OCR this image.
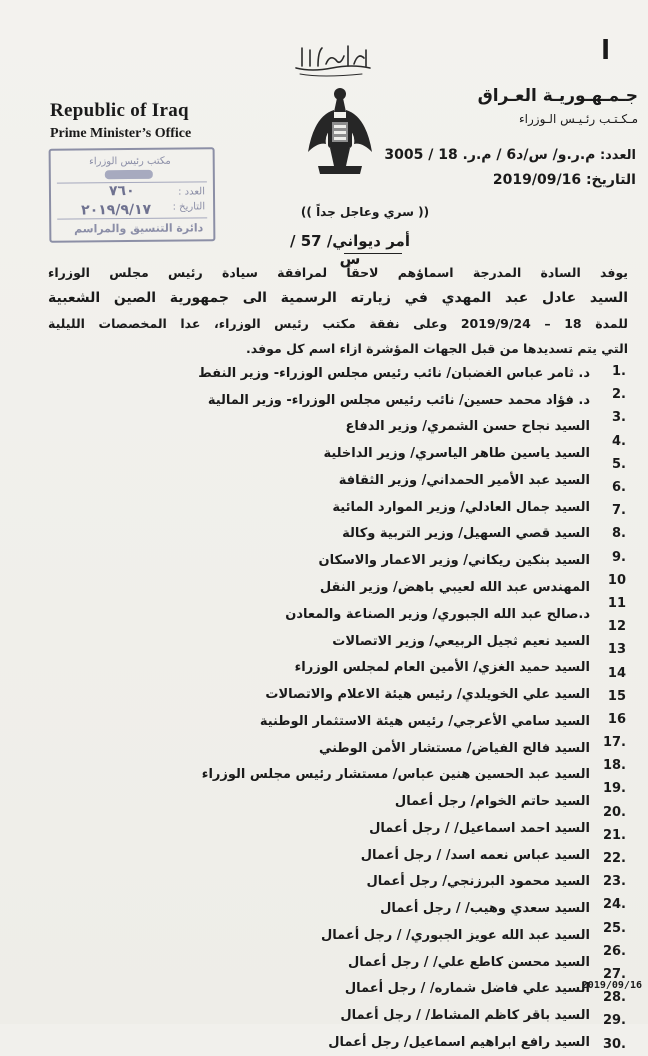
Republic of Iraq
Prime Minister’s Office
مكتب رئيس الوزراء
العدد :
٧٦٠
التاريخ :
٢٠١٩/٩/١٧
دائرة التنسيق والمراسم
ا
جـمـهـوريـة العـراق
مـكـتـب رئـيـس الـوزراء
العدد: م.ر.و/ س/د6 / م.ر. 18 / 3005
التاريخ: 2019/09/16
(( سري وعاجل جداً ))
أمر ديواني/ 57 / س
يوفد السادة المدرجة اسماؤهم لاحقاً لمرافقة سيادة رئيس مجلس الوزراء
السيد عادل عبد المهدي في زيارته الرسمية الى جمهورية الصين الشعبية
للمدة 18 – 2019/9/24 وعلى نفقة مكتب رئيس الوزراء، عدا المخصصات الليلية
التي يتم تسديدها من قبل الجهات المؤشرة ازاء اسم كل موفد.
د. ثامر عباس الغضبان/ نائب رئيس مجلس الوزراء- وزير النفط
د. فؤاد محمد حسين/ نائب رئيس مجلس الوزراء- وزير المالية
السيد نجاح حسن الشمري/ وزير الدفاع
السيد ياسين طاهر الياسري/ وزير الداخلية
السيد عبد الأمير الحمداني/ وزير الثقافة
السيد جمال العادلي/ وزير الموارد المائية
السيد قصي السهيل/ وزير التربية وكالة
السيد بنكين ريكاني/ وزير الاعمار والاسكان
المهندس عبد الله لعيبي باهض/ وزير النقل
د.صالح عبد الله الجبوري/ وزير الصناعة والمعادن
السيد نعيم ثجيل الربيعي/ وزير الاتصالات
السيد حميد الغزي/ الأمين العام لمجلس الوزراء
السيد علي الخويلدي/ رئيس هيئة الاعلام والاتصالات
السيد سامي الأعرجي/ رئيس هيئة الاستثمار الوطنية
السيد فالح الفياض/ مستشار الأمن الوطني
السيد عبد الحسين هنين عباس/ مستشار رئيس مجلس الوزراء
السيد حاتم الخوام/ رجل أعمال
السيد احمد اسماعيل/ / رجل أعمال
السيد عباس نعمه اسد/ / رجل أعمال
السيد محمود البرزنجي/ رجل أعمال
السيد سعدي وهيب/ / رجل أعمال
السيد عبد الله عويز الجبوري/ / رجل أعمال
السيد محسن كاطع علي/ / رجل أعمال
السيد علي فاضل شماره/ / رجل أعمال
السيد باقر كاظم المشاط/ / رجل أعمال
السيد رافع ابراهيم اسماعيل/ رجل أعمال
1.
2.
3.
4.
5.
6.
7.
8.
9.
10
11
12
13
14
15
16
17.
18.
19.
20.
21.
22.
23.
24.
25.
26.
27.
28.
29.
30.
2019/09/16
